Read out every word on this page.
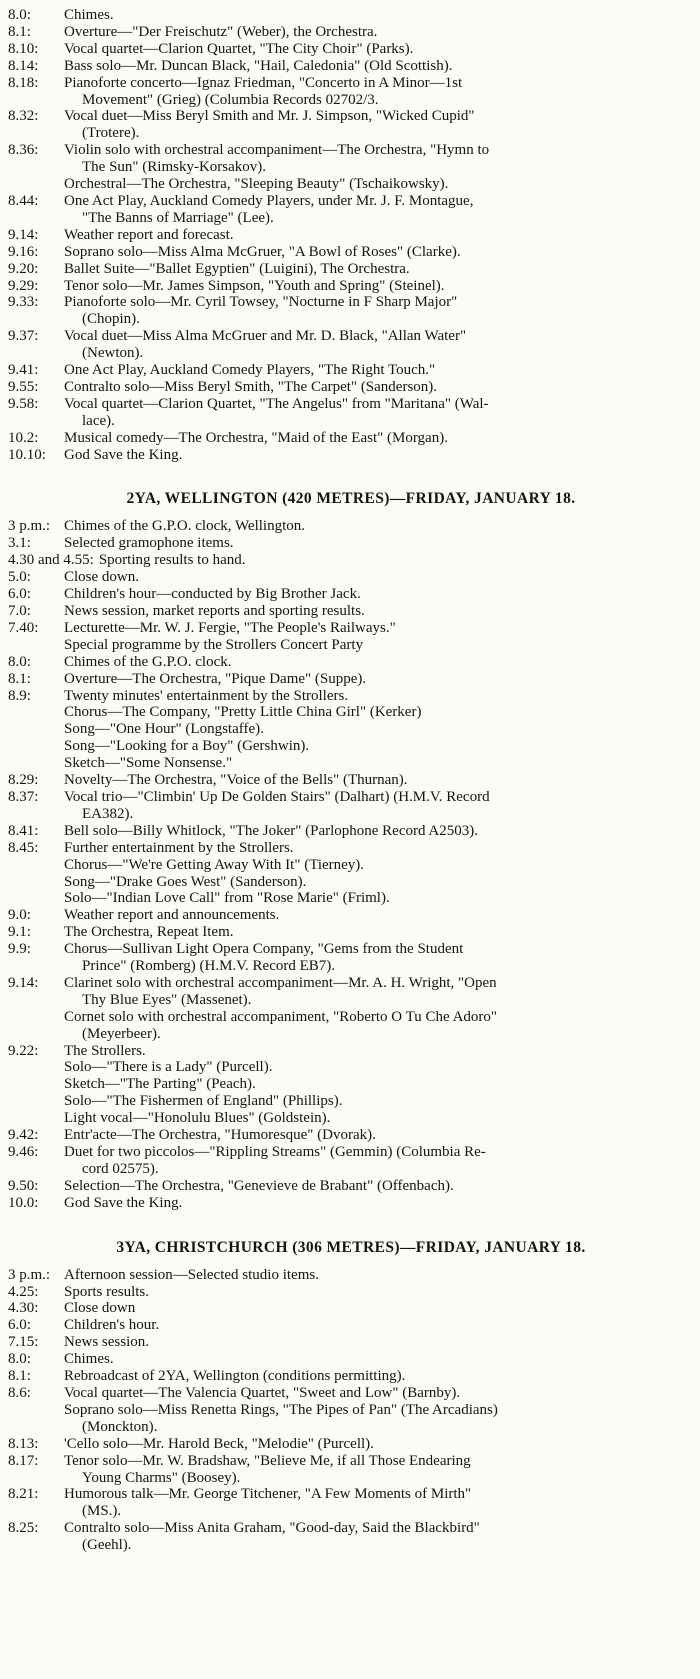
8.0:	Chimes.
8.1:	Overture—"Der Freischutz" (Weber), the Orchestra.
8.10:	Vocal quartet—Clarion Quartet, "The City Choir" (Parks).
8.14:	Bass solo—Mr. Duncan Black, "Hail, Caledonia" (Old Scottish).
8.18:	Pianoforte concerto—Ignaz Friedman, "Concerto in A Minor—1st
Movement" (Grieg) (Columbia Records 02702/3.
8.32:	Vocal duet—Miss Beryl Smith and Mr. J. Simpson, "Wicked Cupid"
(Trotere).
8.36:	Violin solo with orchestral accompaniment—The Orchestra, "Hymn to
The Sun" (Rimsky-Korsakov).
Orchestral—The Orchestra, "Sleeping Beauty" (Tschaikowsky).
8.44:	One Act Play, Auckland Comedy Players, under Mr. J. F. Montague,
"The Banns of Marriage" (Lee).
9.14:	Weather report and forecast.
9.16:	Soprano solo—Miss Alma McGruer, "A Bowl of Roses" (Clarke).
9.20:	Ballet Suite—"Ballet Egyptien" (Luigini), The Orchestra.
9.29:	Tenor solo—Mr. James Simpson, "Youth and Spring" (Steinel).
9.33:	Pianoforte solo—Mr. Cyril Towsey, "Nocturne in F Sharp Major"
(Chopin).
9.37:	Vocal duet—Miss Alma McGruer and Mr. D. Black, "Allan Water"
(Newton).
9.41:	One Act Play, Auckland Comedy Players, "The Right Touch."
9.55:	Contralto solo—Miss Beryl Smith, "The Carpet" (Sanderson).
9.58:	Vocal quartet—Clarion Quartet, "The Angelus" from "Maritana" (Wal-
lace).
10.2:	Musical comedy—The Orchestra, "Maid of the East" (Morgan).
10.10:	God Save the King.
2YA, WELLINGTON (420 METRES)—FRIDAY, JANUARY 18.
3 p.m.: Chimes of the G.P.O. clock, Wellington.
3.1:	Selected gramophone items.
4.30 and 4.55: Sporting results to hand.
5.0:	Close down.
6.0:	Children's hour—conducted by Big Brother Jack.
7.0:	News session, market reports and sporting results.
7.40:	Lecturette—Mr. W. J. Fergie, "The People's Railways."
Special programme by the Strollers Concert Party
8.0:	Chimes of the G.P.O. clock.
8.1:	Overture—The Orchestra, "Pique Dame" (Suppe).
8.9:	Twenty minutes' entertainment by the Strollers.
Chorus—The Company, "Pretty Little China Girl" (Kerker)
Song—"One Hour" (Longstaffe).
Song—"Looking for a Boy" (Gershwin).
Sketch—"Some Nonsense."
8.29:	Novelty—The Orchestra, "Voice of the Bells" (Thurnan).
8.37:	Vocal trio—"Climbin' Up De Golden Stairs" (Dalhart) (H.M.V. Record
EA382).
8.41:	Bell solo—Billy Whitlock, "The Joker" (Parlophone Record A2503).
8.45:	Further entertainment by the Strollers.
Chorus—"We're Getting Away With It" (Tierney).
Song—"Drake Goes West" (Sanderson).
Solo—"Indian Love Call" from "Rose Marie" (Friml).
9.0:	Weather report and announcements.
9.1:	The Orchestra, Repeat Item.
9.9:	Chorus—Sullivan Light Opera Company, "Gems from the Student
Prince" (Romberg) (H.M.V. Record EB7).
9.14:	Clarinet solo with orchestral accompaniment—Mr. A. H. Wright, "Open
Thy Blue Eyes" (Massenet).
Cornet solo with orchestral accompaniment, "Roberto O Tu Che Adoro"
(Meyerbeer).
9.22:	The Strollers.
Solo—"There is a Lady" (Purcell).
Sketch—"The Parting" (Peach).
Solo—"The Fishermen of England" (Phillips).
Light vocal—"Honolulu Blues" (Goldstein).
9.42:	Entr'acte—The Orchestra, "Humoresque" (Dvorak).
9.46:	Duet for two piccolos—"Rippling Streams" (Gemmin) (Columbia Re-
cord 02575).
9.50:	Selection—The Orchestra, "Genevieve de Brabant" (Offenbach).
10.0:	God Save the King.
3YA, CHRISTCHURCH (306 METRES)—FRIDAY, JANUARY 18.
3 p.m.: Afternoon session—Selected studio items.
4.25:	Sports results.
4.30:	Close down
6.0:	Children's hour.
7.15:	News session.
8.0:	Chimes.
8.1:	Rebroadcast of 2YA, Wellington (conditions permitting).
8.6:	Vocal quartet—The Valencia Quartet, "Sweet and Low" (Barnby).
Soprano solo—Miss Renetta Rings, "The Pipes of Pan" (The Arcadians)
(Monckton).
8.13:	'Cello solo—Mr. Harold Beck, "Melodie" (Purcell).
8.17:	Tenor solo—Mr. W. Bradshaw, "Believe Me, if all Those Endearing
Young Charms" (Boosey).
8.21:	Humorous talk—Mr. George Titchener, "A Few Moments of Mirth"
(MS.).
8.25:	Contralto solo—Miss Anita Graham, "Good-day, Said the Blackbird"
(Geehl).
